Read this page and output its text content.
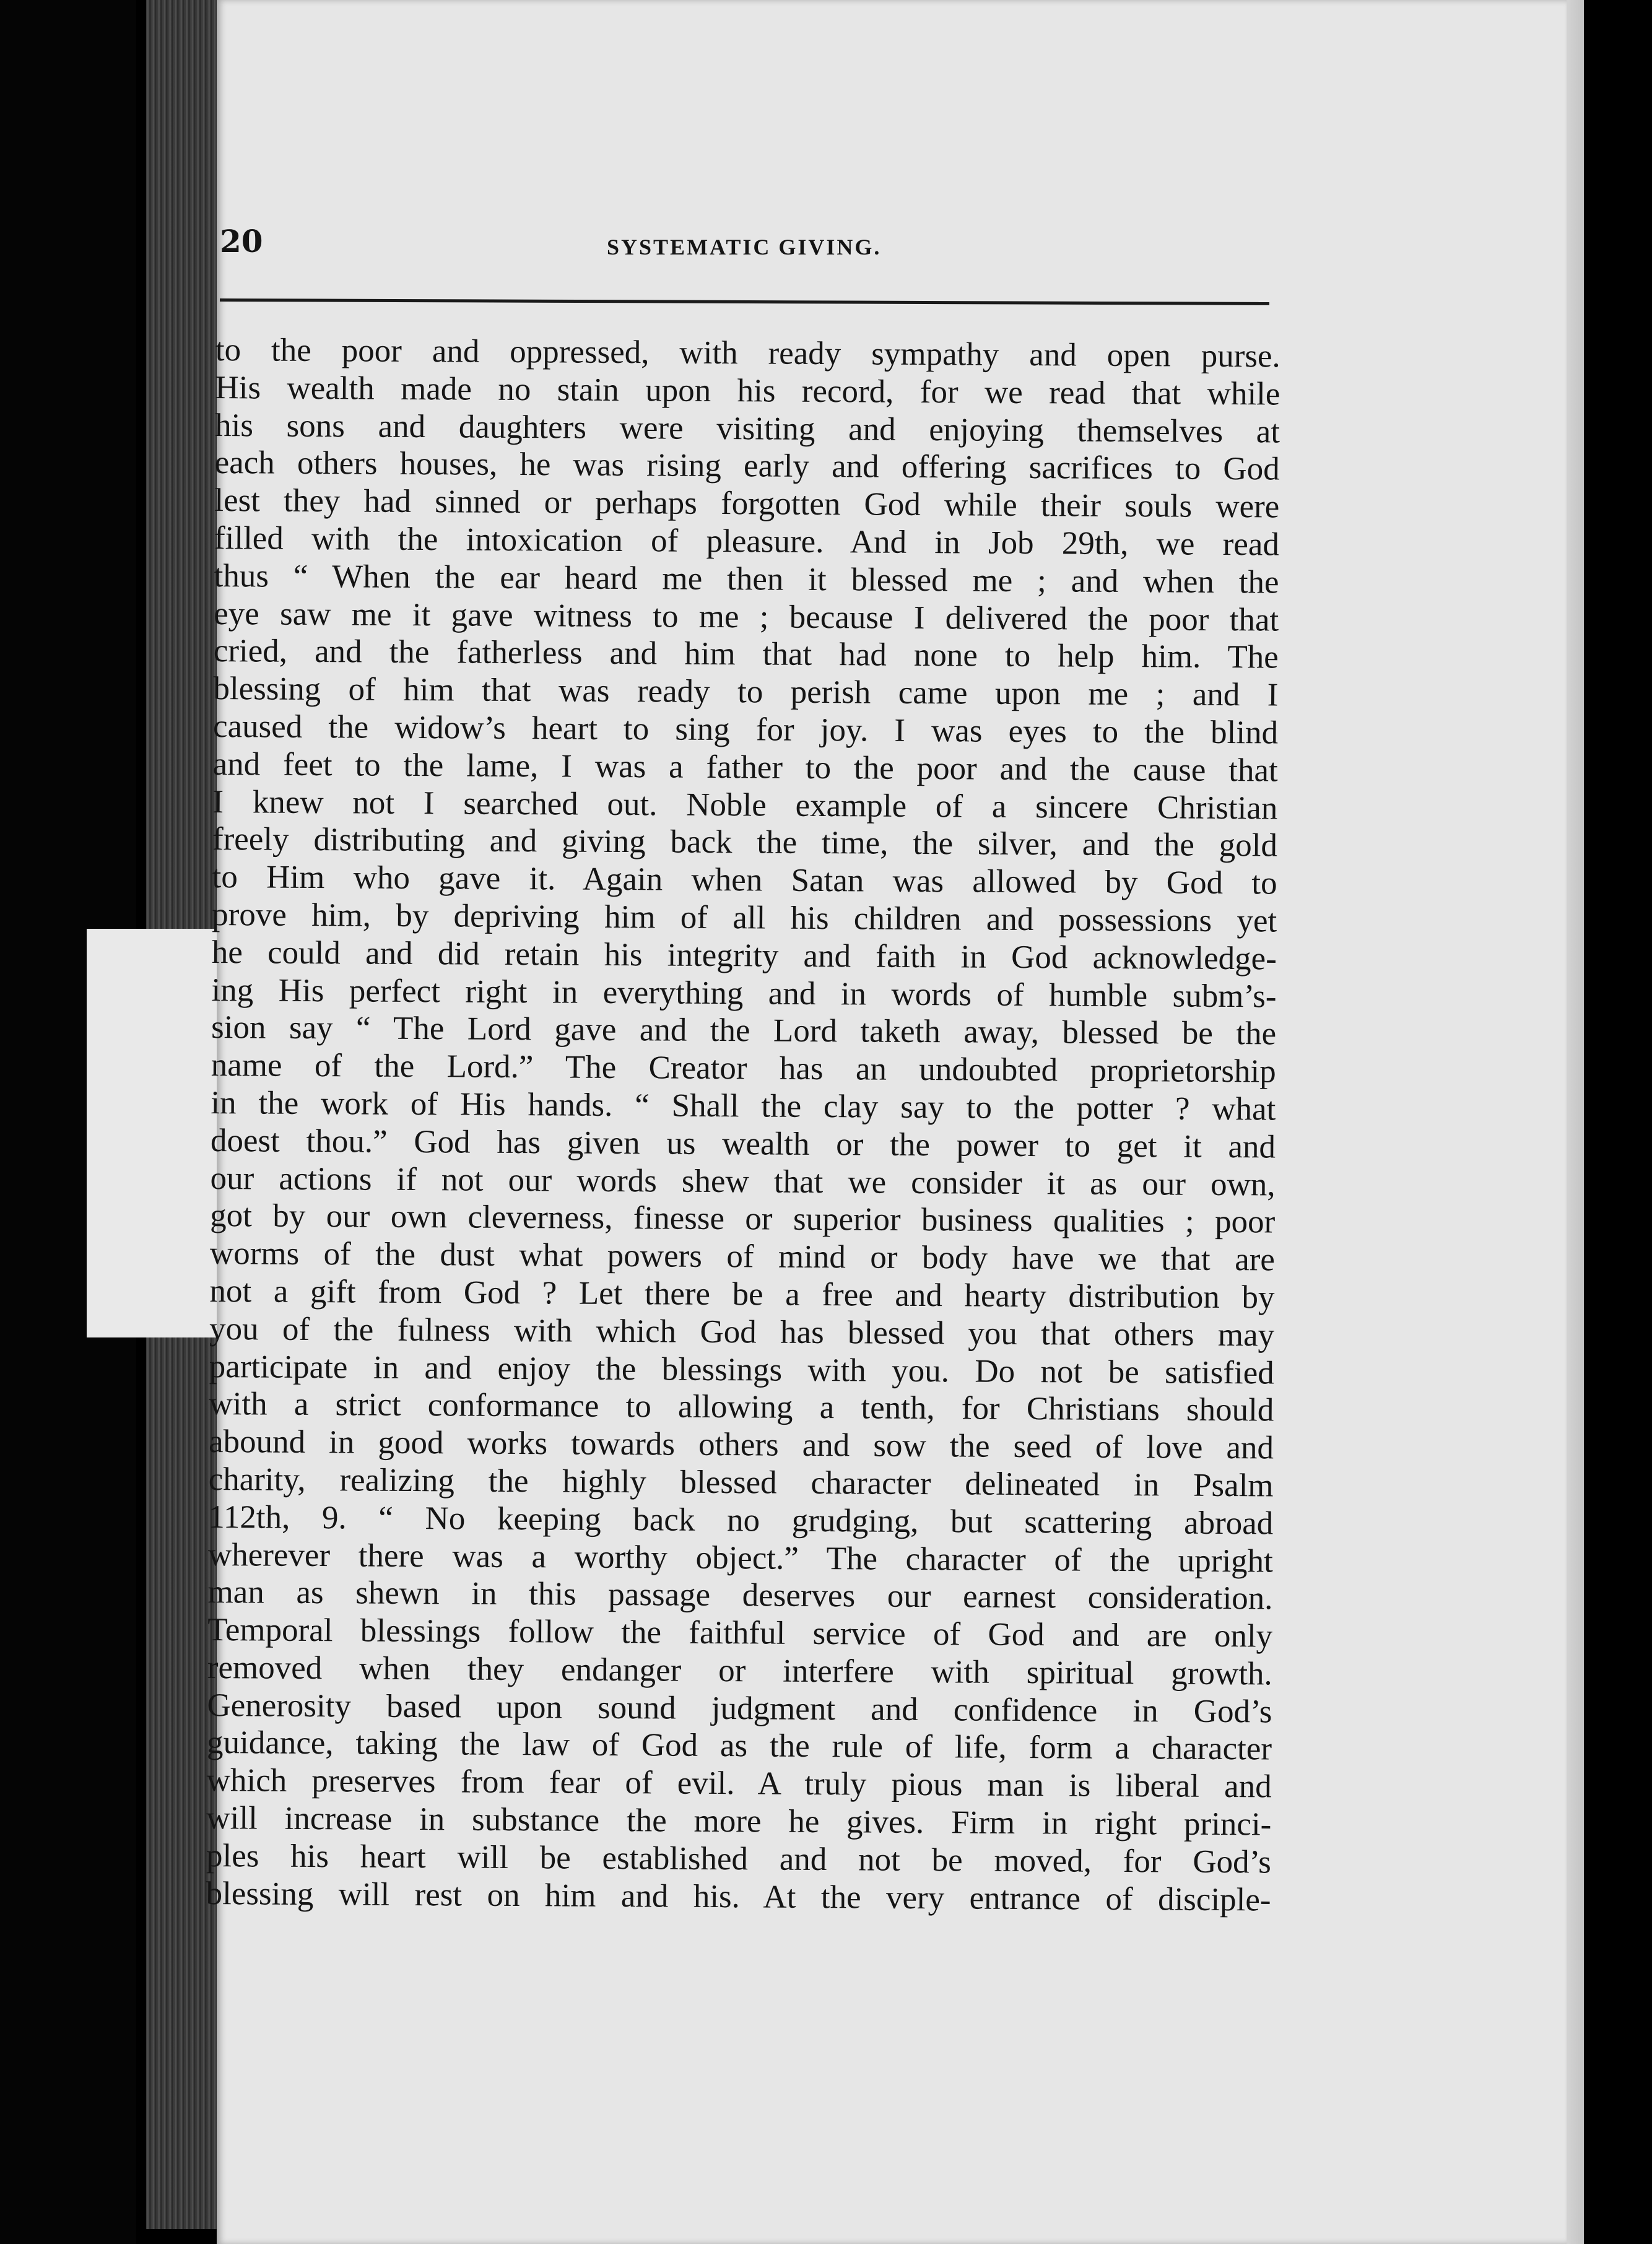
20	SYSTEMATIC GIVING.
to the poor and oppressed, with ready sympathy and open purse.
His wealth made no stain upon his record, for we read that while
his sons and daughters were visiting and enjoying themselves at
each others houses, he was rising early and offering sacrifices to God
lest they had sinned or perhaps forgotten God while their souls were
filled with the intoxication of pleasure. And in Job 29th, we read
thus “ When the ear heard me then it blessed me ; and when the
eye saw me it gave witness to me ; because I delivered the poor that
cried, and the fatherless and him that had none to help him. The
blessing of him that was ready to perish came upon me ; and I
caused the widow’s heart to sing for joy. I was eyes to the blind
and feet to the lame, I was a father to the poor and the cause that
I knew not I searched out. Noble example of a sincere Christian
freely distributing and giving back the time, the silver, and the gold
to Him who gave it. Again when Satan was allowed by God to
prove him, by depriving him of all his children and possessions yet
he could and did retain his integrity and faith in God acknowledge-
ing His perfect right in everything and in words of humble subm’s-
sion say “ The Lord gave and the Lord taketh away, blessed be the
name of the Lord.” The Creator has an undoubted proprietorship
in the work of His hands. “ Shall the clay say to the potter ? what
doest thou.” God has given us wealth or the power to get it and
our actions if not our words shew that we consider it as our own,
got by our own cleverness, finesse or superior business qualities ; poor
worms of the dust what powers of mind or body have we that are
not a gift from God ? Let there be a free and hearty distribution by
you of the fulness with which God has blessed you that others may
participate in and enjoy the blessings with you. Do not be satisfied
with a strict conformance to allowing a tenth, for Christians should
abound in good works towards others and sow the seed of love and
charity, realizing the highly blessed character delineated in Psalm
112th, 9. “ No keeping back no grudging, but scattering abroad
wherever there was a worthy object.” The character of the upright
man as shewn in this passage deserves our earnest consideration.
Temporal blessings follow the faithful service of God and are only
removed when they endanger or interfere with spiritual growth.
Generosity based upon sound judgment and confidence in God’s
guidance, taking the law of God as the rule of life, form a character
which preserves from fear of evil. A truly pious man is liberal and
will increase in substance the more he gives. Firm in right princi-
ples his heart will be established and not be moved, for God’s
blessing will rest on him and his. At the very entrance of disciple-
